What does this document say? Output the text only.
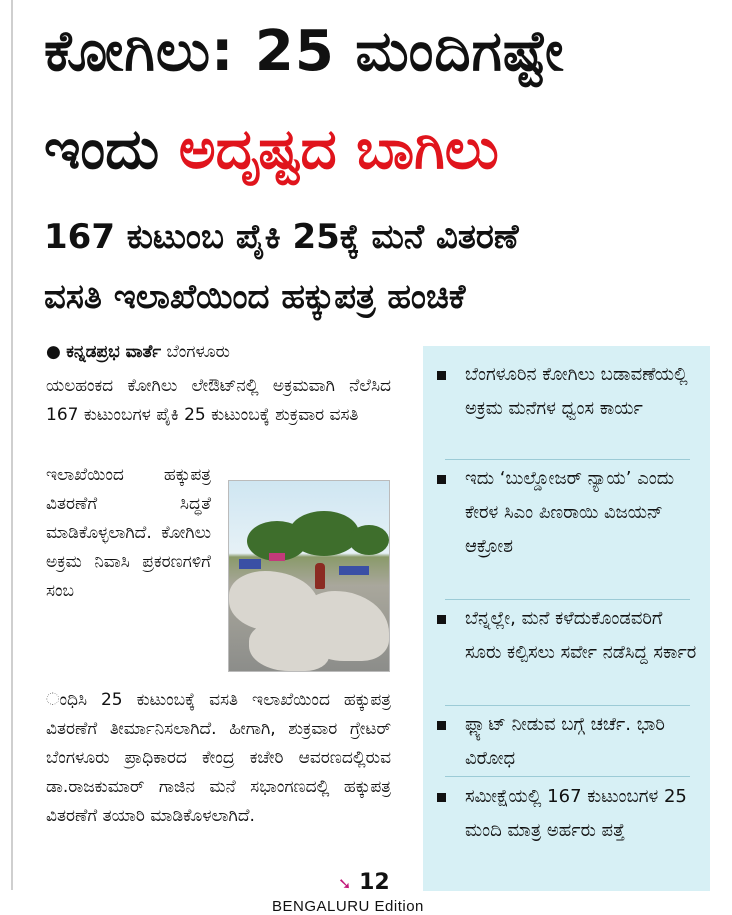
ಕೋಗಿಲು: 25 ಮಂದಿಗಷ್ಟೇ
ಇಂದು ಅದೃಷ್ಟದ ಬಾಗಿಲು
167 ಕುಟುಂಬ ಪೈಕಿ 25ಕ್ಕೆ ಮನೆ ವಿತರಣೆ
ವಸತಿ ಇಲಾಖೆಯಿಂದ ಹಕ್ಕುಪತ್ರ ಹಂಚಿಕೆ
● ಕನ್ನಡಪ್ರಭ ವಾರ್ತೆ ಬೆಂಗಳೂರು
ಯಲಹಂಕದ ಕೋಗಿಲು ಲೇಔಟ್‌ನಲ್ಲಿ ಅಕ್ರಮವಾಗಿ ನೆಲೆಸಿದ 167 ಕುಟುಂಬಗಳ ಪೈಕಿ 25 ಕುಟುಂಬಕ್ಕೆ ಶುಕ್ರವಾರ ವಸತಿ
ಇಲಾಖೆಯಿಂದ ಹಕ್ಕುಪತ್ರ ವಿತರಣೆಗೆ ಸಿದ್ಧತೆ ಮಾಡಿಕೊಳ್ಳಲಾಗಿದೆ. ಕೋಗಿಲು ಅಕ್ರಮ ನಿವಾಸಿ ಪ್ರಕರಣಗಳಿಗೆ ಸಂಬ
ಂಧಿಸಿ 25 ಕುಟುಂಬಕ್ಕೆ ವಸತಿ ಇಲಾಖೆಯಿಂದ ಹಕ್ಕುಪತ್ರ ವಿತರಣೆಗೆ ತೀರ್ಮಾನಿಸಲಾಗಿದೆ. ಹೀಗಾಗಿ, ಶುಕ್ರವಾರ ಗ್ರೇಟರ್ ಬೆಂಗಳೂರು ಪ್ರಾಧಿಕಾರದ ಕೇಂದ್ರ ಕಚೇರಿ ಆವರಣದಲ್ಲಿರುವ ಡಾ.ರಾಜಕುಮಾರ್ ಗಾಜಿನ ಮನೆ ಸಭಾಂಗಣದಲ್ಲಿ ಹಕ್ಕುಪತ್ರ ವಿತರಣೆಗೆ ತಯಾರಿ ಮಾಡಿಕೊಳಲಾಗಿದೆ.
➘ 12
ಬೆಂಗಳೂರಿನ ಕೋಗಿಲು ಬಡಾವಣೆಯಲ್ಲಿ ಅಕ್ರಮ ಮನೆಗಳ ಧ್ವಂಸ ಕಾರ್ಯ
ಇದು ‘ಬುಲ್ಡೋಜರ್ ನ್ಯಾಯ’ ಎಂದು ಕೇರಳ ಸಿಎಂ ಪಿಣರಾಯಿ ವಿಜಯನ್ ಆಕ್ರೋಶ
ಬೆನ್ನಲ್ಲೇ, ಮನೆ ಕಳೆದುಕೊಂಡವರಿಗೆ ಸೂರು ಕಲ್ಪಿಸಲು ಸರ್ವೇ ನಡೆಸಿದ್ದ ಸರ್ಕಾರ
ಫ್ಲ್ಯಾಟ್ ನೀಡುವ ಬಗ್ಗೆ ಚರ್ಚೆ. ಭಾರಿ ವಿರೋಧ
ಸಮೀಕ್ಷೆಯಲ್ಲಿ 167 ಕುಟುಂಬಗಳ 25 ಮಂದಿ ಮಾತ್ರ ಅರ್ಹರು ಪತ್ತೆ
BENGALURU Edition
